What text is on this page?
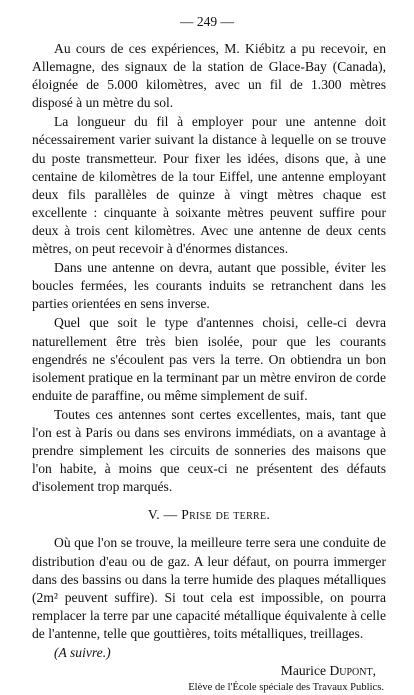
— 249 —

Au cours de ces expériences, M. Kiébitz a pu recevoir, en Allemagne, des signaux de la station de Glace-Bay (Canada), éloignée de 5.000 kilomètres, avec un fil de 1.300 mètres disposé à un mètre du sol.

La longueur du fil à employer pour une antenne doit nécessairement varier suivant la distance à lequelle on se trouve du poste transmetteur. Pour fixer les idées, disons que, à une centaine de kilomètres de la tour Eiffel, une antenne employant deux fils parallèles de quinze à vingt mètres chaque est excellente : cinquante à soixante mètres peuvent suffire pour deux à trois cent kilomètres. Avec une antenne de deux cents mètres, on peut recevoir à d'énormes distances.

Dans une antenne on devra, autant que possible, éviter les boucles fermées, les courants induits se retranchent dans les parties orientées en sens inverse.

Quel que soit le type d'antennes choisi, celle-ci devra naturellement être très bien isolée, pour que les courants engendrés ne s'écoulent pas vers la terre. On obtiendra un bon isolement pratique en la terminant par un mètre environ de corde enduite de paraffine, ou même simplement de suif.

Toutes ces antennes sont certes excellentes, mais, tant que l'on est à Paris ou dans ses environs immédiats, on a avantage à prendre simplement les circuits de sonneries des maisons que l'on habite, à moins que ceux-ci ne présentent des défauts d'isolement trop marqués.

V. — Prise de terre.

Où que l'on se trouve, la meilleure terre sera une conduite de distribution d'eau ou de gaz. A leur défaut, on pourra immerger dans des bassins ou dans la terre humide des plaques métalliques (2m² peuvent suffire). Si tout cela est impossible, on pourra remplacer la terre par une capacité métallique équivalente à celle de l'antenne, telle que gouttières, toits métalliques, treillages.

(A suivre.)

Maurice Dupont,
Elève de l'École spéciale des Travaux Publics.
